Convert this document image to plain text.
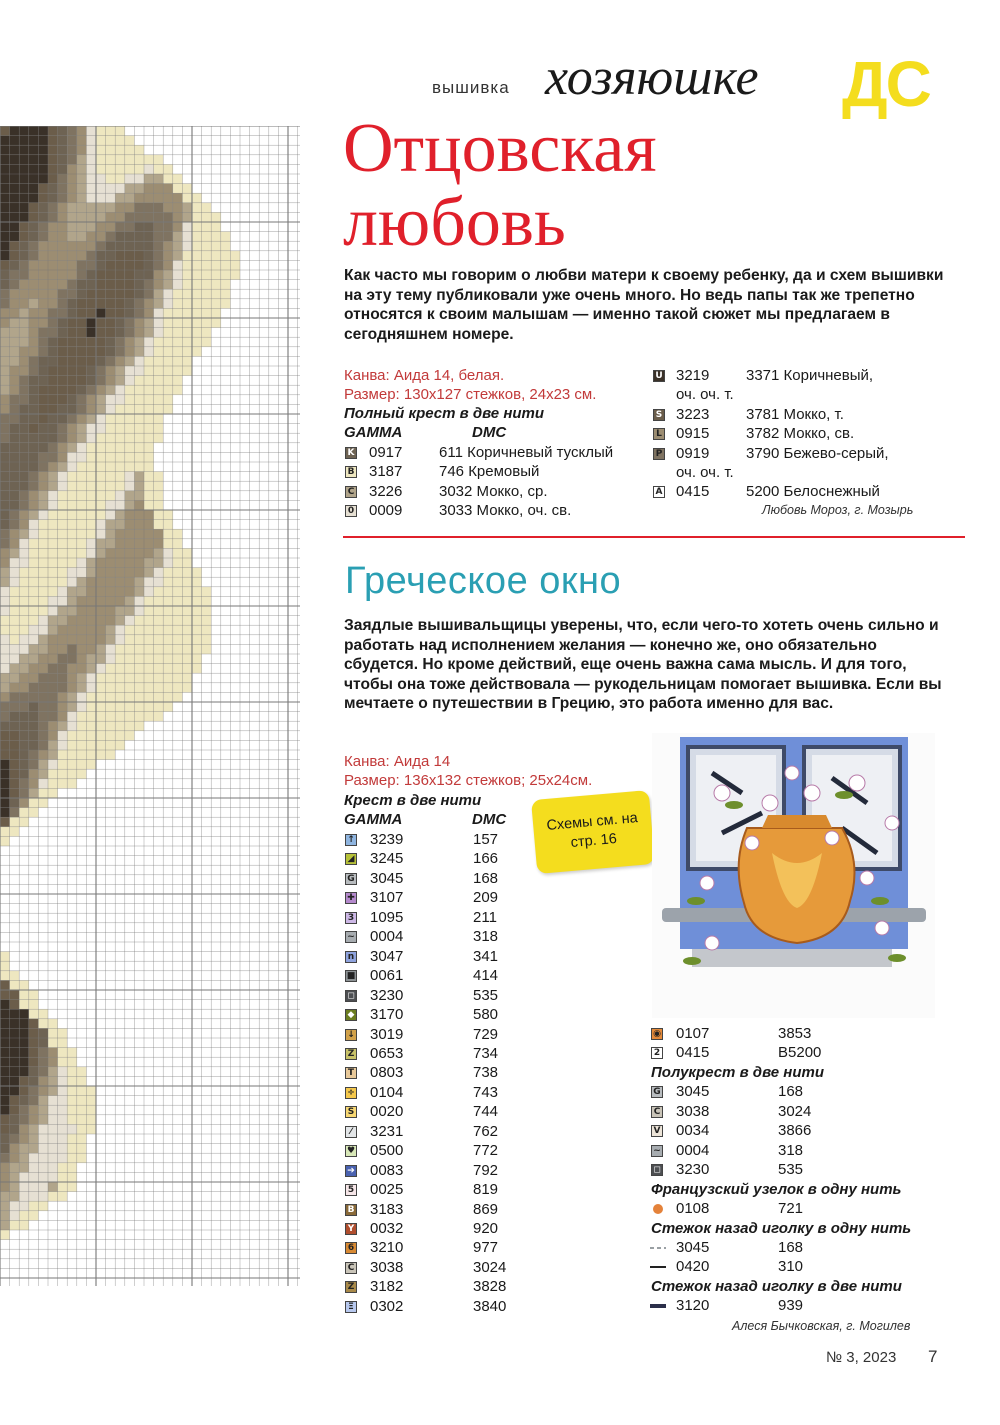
вышивка хозяюшке ДС
Отцовская
любовь
Как часто мы говорим о любви матери к своему ребенку, да и схем вышивки на эту тему публиковали уже очень много. Но ведь папы так же трепетно относятся к своим малышам — именно такой сюжет мы предлагаем в сегодняшнем номере.
Канва: Аида 14, белая.
Размер: 130х127 стежков, 24х23 см.
Полный крест в две нити
GAMMA	DMC
K 0917 611 Коричневый тусклый
B 3187 746 Кремовый
C 3226 3032 Мокко, ср.
0 0009 3033 Мокко, оч. св.
U 3219 3371 Коричневый,
оч. оч. т.
S 3223 3781 Мокко, т.
L 0915 3782 Мокко, св.
P 0919 3790 Бежево-серый,
оч. оч. т.
A 0415 5200 Белоснежный
Любовь Мороз, г. Мозырь
Греческое окно
Заядлые вышивальщицы уверены, что, если чего-то хотеть очень сильно и работать над исполнением желания — конечно же, оно обязательно сбудется. Но кроме действий, еще очень важна сама мысль. И для того, чтобы она тоже действовала — рукодельницам помогает вышивка. Если вы мечтаете о путешествии в Грецию, это работа именно для вас.
Канва: Аида 14
Размер: 136х132 стежков; 25х24см.
Крест в две нити
GAMMA	DMC	Схемы см. на стр. 16
↑ 3239	157
◢ 3245	166
G 3045	168
✚ 3107	209
3 1095	211
~ 0004	318
n 3047	341
■ 0061	414
◻ 3230	535
◆ 3170	580
↓ 3019	729
Z 0653	734
T 0803	738
÷ 0104	743
S 0020	744
⁄	3231	762
♥ 0500	772
➔ 0083	792
5 0025	819
B 3183	869
Y 0032	920
6 3210	977
C 3038	3024
Z 3182	3828
Ξ 0302	3840
◉ 0107	3853
2 0415	B5200
Полукрест в две нити
G 3045	168
C 3038	3024
V 0034	3866
~ 0004	318
◻ 3230	535
Французский узелок в одну нить
0108	721
Стежок назад иголку в одну нить
3045	168
0420	310
Стежок назад иголку в две нити
3120	939
Алеся Бычковская, г. Могилев
№ 3, 2023 7
